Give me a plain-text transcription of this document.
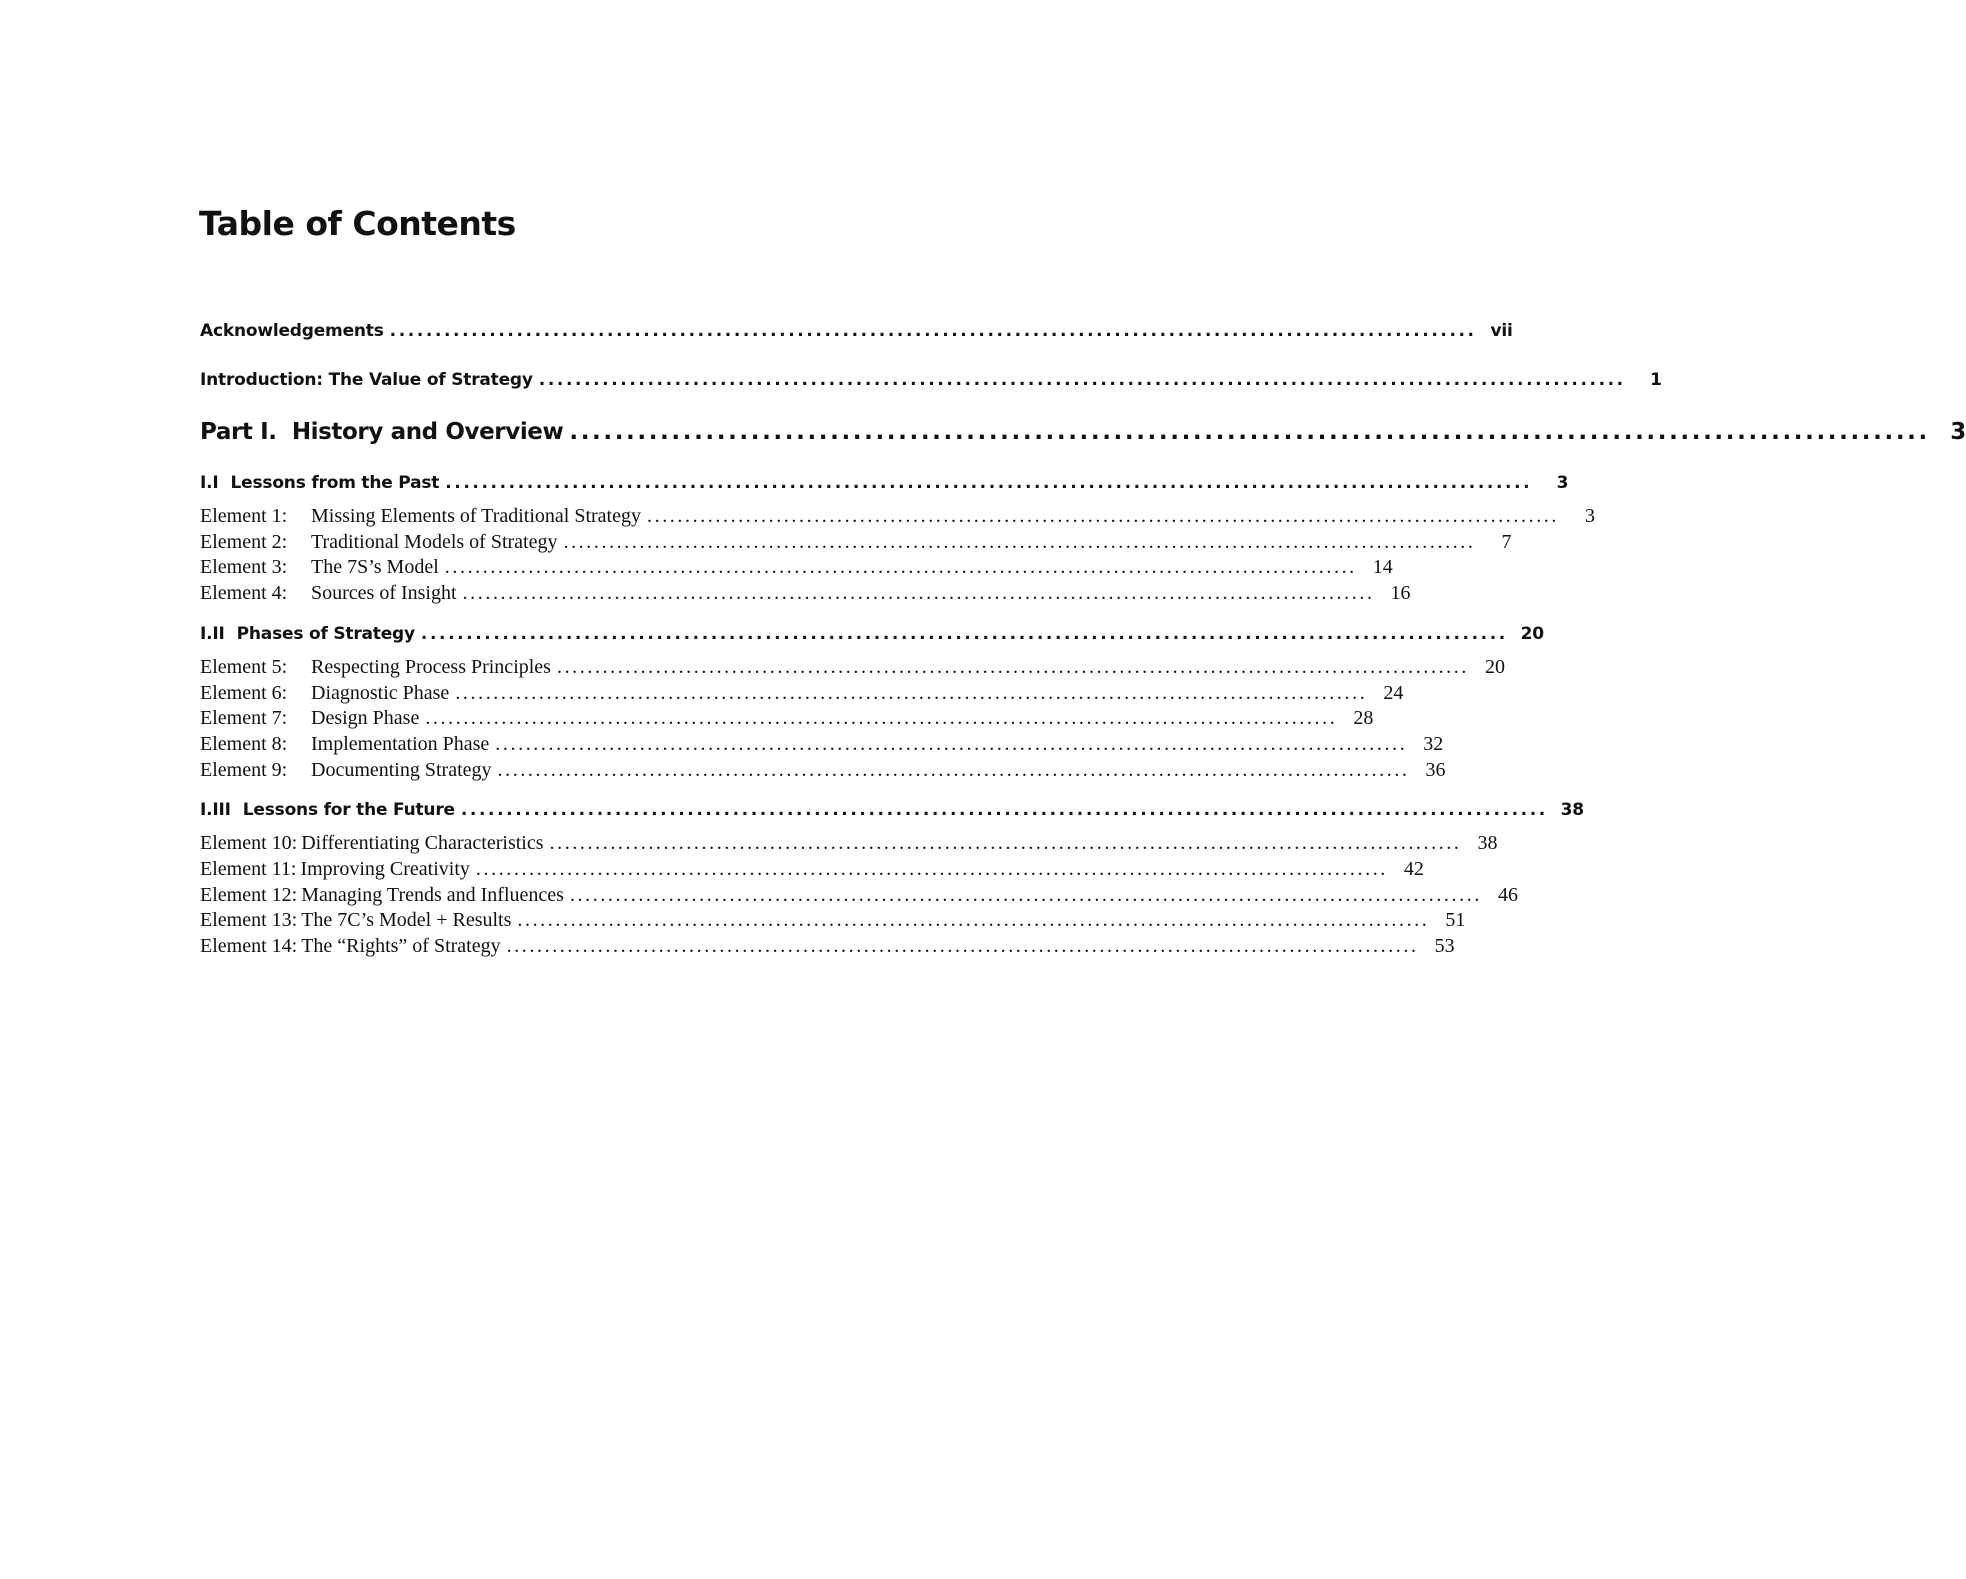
Table of Contents
Acknowledgements ........................................................................................................................ vii
Introduction: The Value of Strategy ........................................................................................................................	1
Part I.  History and Overview ........................................................................................................................ 3
I.I Lessons from the Past ........................................................................................................................	3
Element 1:	Missing Elements of Traditional Strategy ........................................................................................................................	3
Element 2:	Traditional Models of Strategy ........................................................................................................................	7
Element 3:	The 7S’s Model ........................................................................................................................ 14
Element 4:	Sources of Insight ........................................................................................................................ 16
I.II Phases of Strategy ........................................................................................................................ 20
Element 5:	Respecting Process Principles ........................................................................................................................ 20
Element 6:	Diagnostic Phase ........................................................................................................................ 24
Element 7:	Design Phase ........................................................................................................................ 28
Element 8:	Implementation Phase ........................................................................................................................ 32
Element 9:	Documenting Strategy ........................................................................................................................ 36
I.III Lessons for the Future ........................................................................................................................ 38
Element 10: Differentiating Characteristics ........................................................................................................................ 38
Element 11: Improving Creativity ........................................................................................................................ 42
Element 12: Managing Trends and Influences ........................................................................................................................ 46
Element 13: The 7C’s Model + Results ........................................................................................................................ 51
Element 14: The “Rights” of Strategy ........................................................................................................................ 53
